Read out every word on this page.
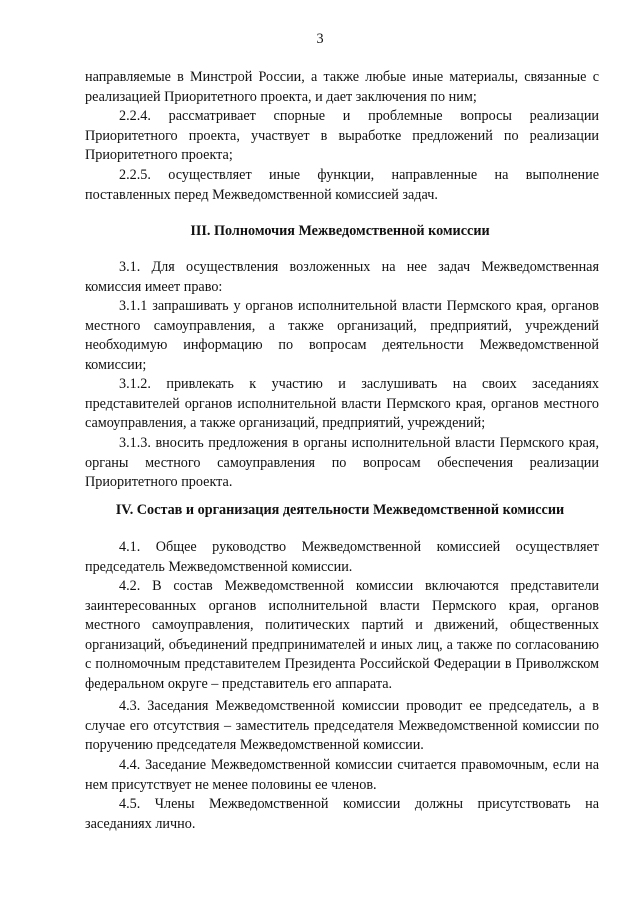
3
направляемые в Минстрой России, а также любые иные материалы, связанные с реализацией Приоритетного проекта, и дает заключения по ним;
2.2.4. рассматривает спорные и проблемные вопросы реализации Приоритетного проекта, участвует в выработке предложений по реализации Приоритетного проекта;
2.2.5. осуществляет иные функции, направленные на выполнение поставленных перед Межведомственной комиссией задач.
III. Полномочия Межведомственной комиссии
3.1. Для осуществления возложенных на нее задач Межведомственная комиссия имеет право:
3.1.1 запрашивать у органов исполнительной власти Пермского края, органов местного самоуправления, а также организаций, предприятий, учреждений необходимую информацию по вопросам деятельности Межведомственной комиссии;
3.1.2. привлекать к участию и заслушивать на своих заседаниях представителей органов исполнительной власти Пермского края, органов местного самоуправления, а также организаций, предприятий, учреждений;
3.1.3. вносить предложения в органы исполнительной власти Пермского края, органы местного самоуправления по вопросам обеспечения реализации Приоритетного проекта.
IV. Состав и организация деятельности Межведомственной комиссии
4.1. Общее руководство Межведомственной комиссией осуществляет председатель Межведомственной комиссии.
4.2. В состав Межведомственной комиссии включаются представители заинтересованных органов исполнительной власти Пермского края, органов местного самоуправления, политических партий и движений, общественных организаций, объединений предпринимателей и иных лиц, а также по согласованию с полномочным представителем Президента Российской Федерации в Приволжском федеральном округе – представитель его аппарата.
4.3. Заседания Межведомственной комиссии проводит ее председатель, а в случае его отсутствия – заместитель председателя Межведомственной комиссии по поручению председателя Межведомственной комиссии.
4.4. Заседание Межведомственной комиссии считается правомочным, если на нем присутствует не менее половины ее членов.
4.5. Члены Межведомственной комиссии должны присутствовать на заседаниях лично.
